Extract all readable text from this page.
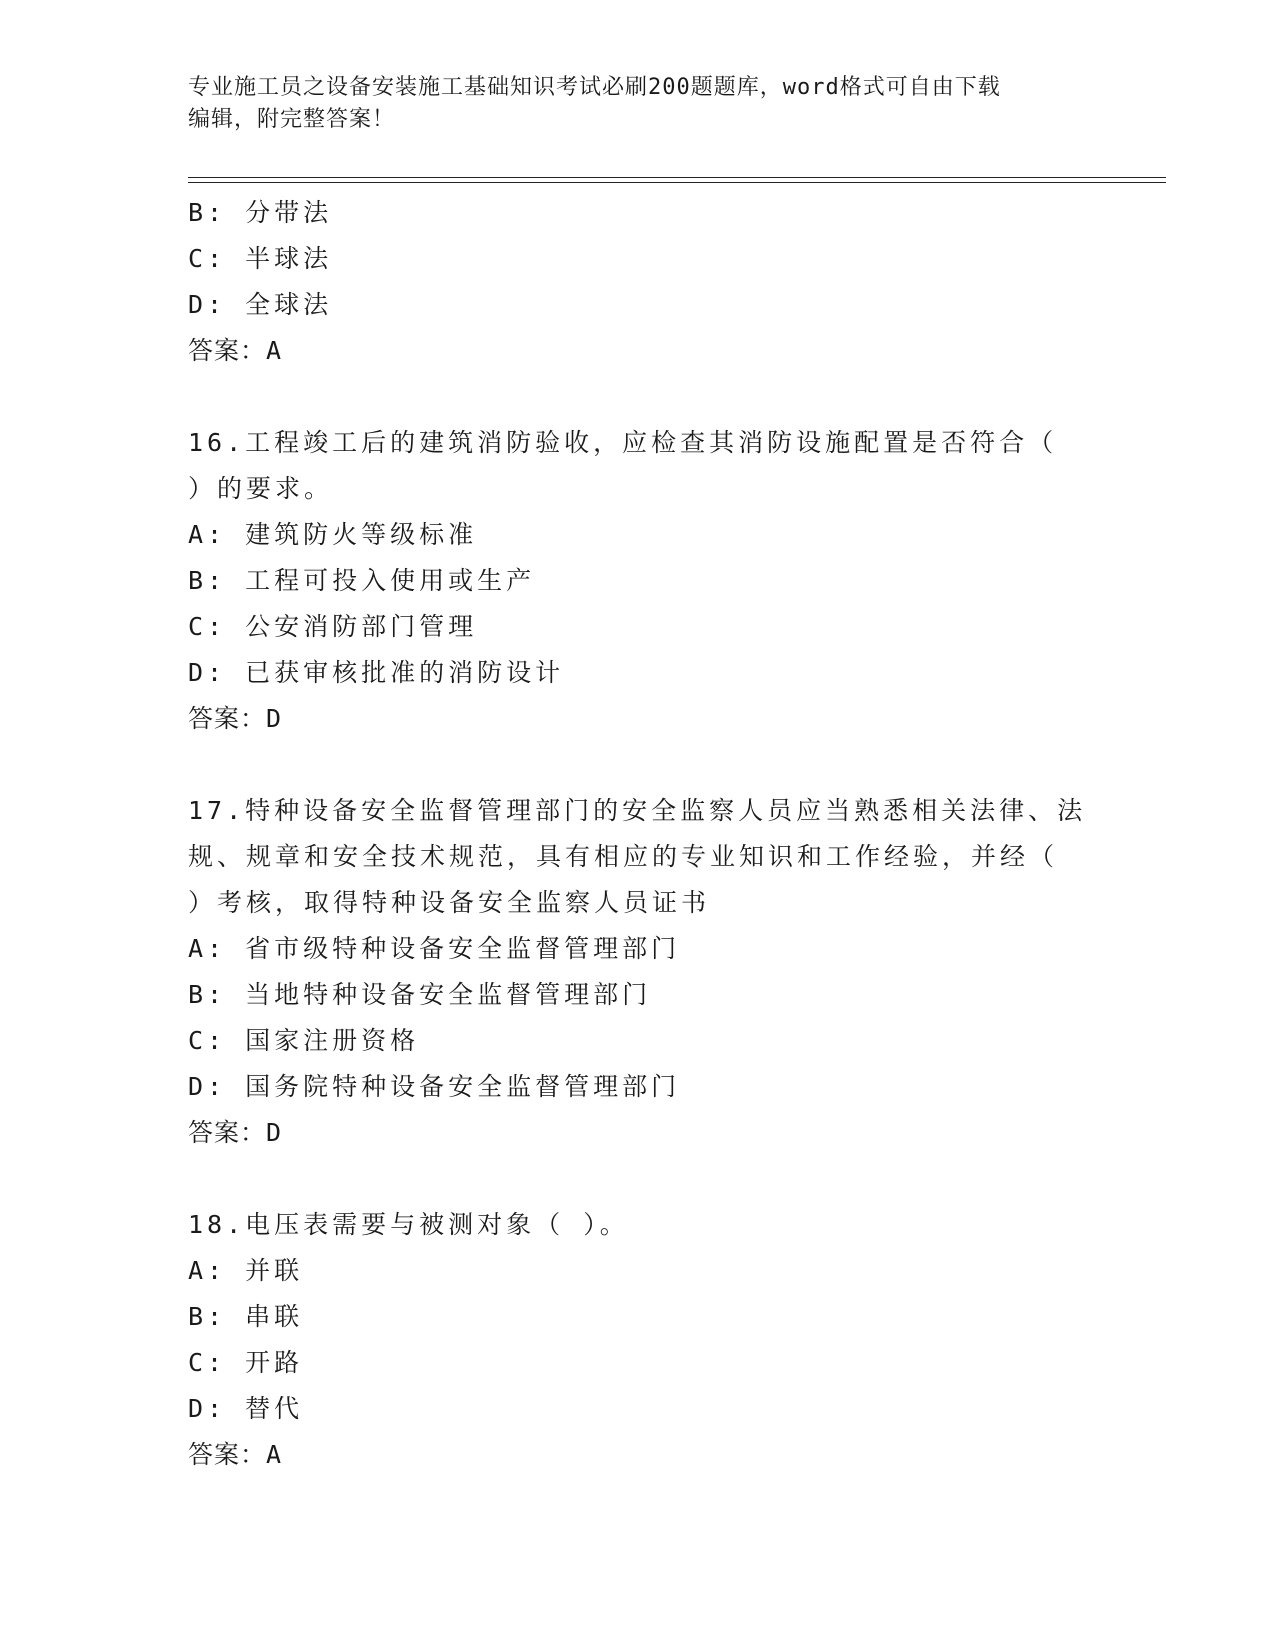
专业施工员之设备安装施工基础知识考试必刷200题题库，word格式可自由下载
编辑，附完整答案！
B: 分带法
C: 半球法
D: 全球法
答案：A
16.工程竣工后的建筑消防验收，应检查其消防设施配置是否符合（
）的要求。
A: 建筑防火等级标准
B: 工程可投入使用或生产
C: 公安消防部门管理
D: 已获审核批准的消防设计
答案：D
17.特种设备安全监督管理部门的安全监察人员应当熟悉相关法律、法
规、规章和安全技术规范，具有相应的专业知识和工作经验，并经（
）考核，取得特种设备安全监察人员证书
A: 省市级特种设备安全监督管理部门
B: 当地特种设备安全监督管理部门
C: 国家注册资格
D: 国务院特种设备安全监督管理部门
答案：D
18.电压表需要与被测对象（ ）。
A: 并联
B: 串联
C: 开路
D: 替代
答案：A
